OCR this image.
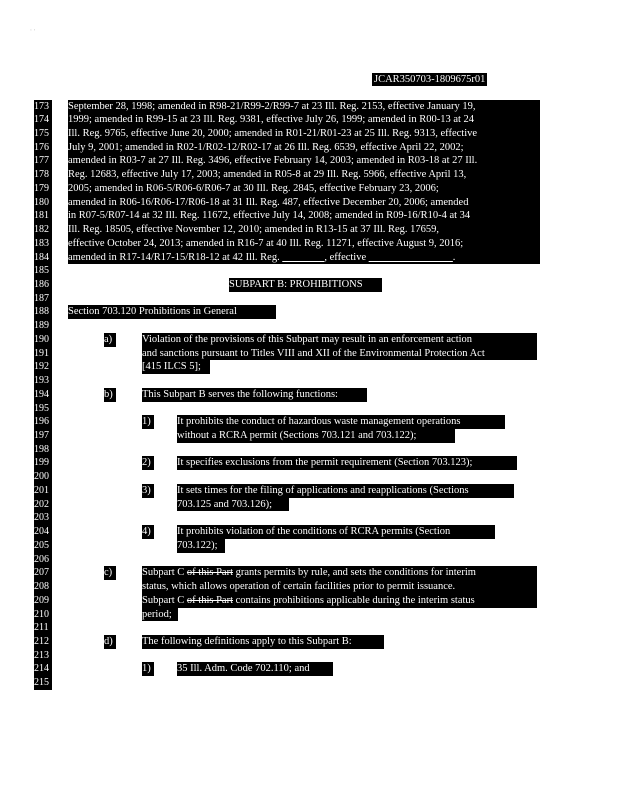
ʻ ʼ
JCAR350703-1809675r01
173 September 28, 1998; amended in R98-21/R99-2/R99-7 at 23 Ill. Reg. 2153, effective January 19,
174 1999; amended in R99-15 at 23 Ill. Reg. 9381, effective July 26, 1999; amended in R00-13 at 24
175 Ill. Reg. 9765, effective June 20, 2000; amended in R01-21/R01-23 at 25 Ill. Reg. 9313, effective
176 July 9, 2001; amended in R02-1/R02-12/R02-17 at 26 Ill. Reg. 6539, effective April 22, 2002;
177 amended in R03-7 at 27 Ill. Reg. 3496, effective February 14, 2003; amended in R03-18 at 27 Ill.
178 Reg. 12683, effective July 17, 2003; amended in R05-8 at 29 Ill. Reg. 5966, effective April 13,
179 2005; amended in R06-5/R06-6/R06-7 at 30 Ill. Reg. 2845, effective February 23, 2006;
180 amended in R06-16/R06-17/R06-18 at 31 Ill. Reg. 487, effective December 20, 2006; amended
181 in R07-5/R07-14 at 32 Ill. Reg. 11672, effective July 14, 2008; amended in R09-16/R10-4 at 34
182 Ill. Reg. 18505, effective November 12, 2010; amended in R13-15 at 37 Ill. Reg. 17659,
183 effective October 24, 2013; amended in R16-7 at 40 Ill. Reg. 11271, effective August 9, 2016;
184 amended in R17-14/R17-15/R18-12 at 42 Ill. Reg. ________, effective ________________.
185
186	SUBPART B: PROHIBITIONS
187
188 Section 703.120 Prohibitions in General
189
190	a)	Violation of the provisions of this Subpart may result in an enforcement action
191	and sanctions pursuant to Titles VIII and XII of the Environmental Protection Act
192	[415 ILCS 5];
193
194	b)	This Subpart B serves the following functions:
195
196	1)	It prohibits the conduct of hazardous waste management operations
197	without a RCRA permit (Sections 703.121 and 703.122);
198
199	2)	It specifies exclusions from the permit requirement (Section 703.123);
200
201	3)	It sets times for the filing of applications and reapplications (Sections
202	703.125 and 703.126);
203
204	4)	It prohibits violation of the conditions of RCRA permits (Section
205	703.122);
206
207	c)	Subpart C of this Part grants permits by rule, and sets the conditions for interim
208	status, which allows operation of certain facilities prior to permit issuance.
209	Subpart C of this Part contains prohibitions applicable during the interim status
210	period;
211
212	d)	The following definitions apply to this Subpart B:
213
214	1)	35 Ill. Adm. Code 702.110; and
215
